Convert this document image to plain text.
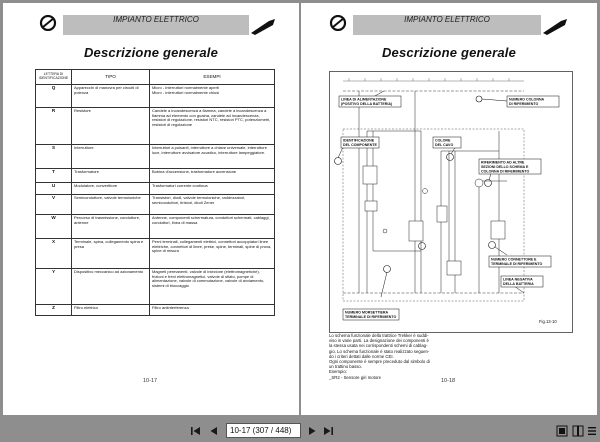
IMPIANTO ELETTRICO
Descrizione generale
LETTERA DI IDENTIFICAZIONE	TIPO	ESEMPI
Q	Apparecchi di manovra per circuiti di potenza	Micro - interruttori normalmente aperti
Micro - interruttori normalmente chiusi
R	Resistore	Candele a incandescenza a fiamma, candele a incandescenza a fiamma ad elemento con guaina, candele ad incandescenza, resistori di regolazione, resistori NTC, resistori PTC, potenziometri, resistori di regolazione
S	Interruttore	Interruttori a pulsanti, interruttore a chiave universale, interruttore luce, interruttore avvisatore acustico, interruttore lampeggiatore.
T	Trasformatore	Bobina d'accensione, trasformatore accensione
U	Modulatore, convertitore	Trasformatori corrente continua
V	Semiconduttore, valvole termoioniche	Transistori, diodi, valvole termoioniche, raddrizzatori, semiconduttori, tiristori, diodi Zener
W	Percorso di trasmissione, conduttore, antenne	Antenne, componenti schermatura, conduttori schermati, cablaggi, conduttori, linea di massa
X	Terminale, spina, collegamento spina e presa	Perni terminali, collegamenti elettrici, connettori accoppiatori linee elettriche, connettori di linee, prese, spine, terminali, spine di prova, spine di misura
Y	Dispositivo meccanico ad azionamento	Magneti permanenti, valvole di iniezione (elettromagnetiche), frizioni e freni elettromagnetici, valvole di sfiato, pompe di alimentazione, valvole di commutazione, valvole di avviamento, sistemi di bloccaggio
Z	Filtro elettrico	Filtro antinterferenza
10-17
IMPIANTO ELETTRICO
Descrizione generale
LINEA DI ALIMENTAZIONE
(POSITIVO DELLA BATTERIA)
NUMERO COLONNA
DI RIFERIMENTO
IDENTIFICAZIONE
DEL COMPONENTE
COLORE
DEL CAVO
RIFERIMENTO AD ALTRE
SEZIONI DELLO SCHEMA E
COLONNA DI RIFERIMENTO
NUMERO CONNETTORE E
TERMINALE DI RIFERIMENTO
LINEA NEGATIVA
DELLA BATTERIA
NUMERO MORSETTIERA
TERMINALE DI RIFERIMENTO
Fig.13-10
Lo schema funzionale della trattrice Trekker è suddi-
viso in varie parti. La designazione dei componenti è
la stessa usata nei corrispondenti schemi di cablag-
gio. Lo schema funzionale è stato realizzato seguen-
do i criteri dettati dalle norme CEI.
Ogni componente è sempre preceduto dal simbolo di
un trattino basso.
Esempio:
_SR2 - Sensore giri motore
10-18
10-17 (307 / 448)
